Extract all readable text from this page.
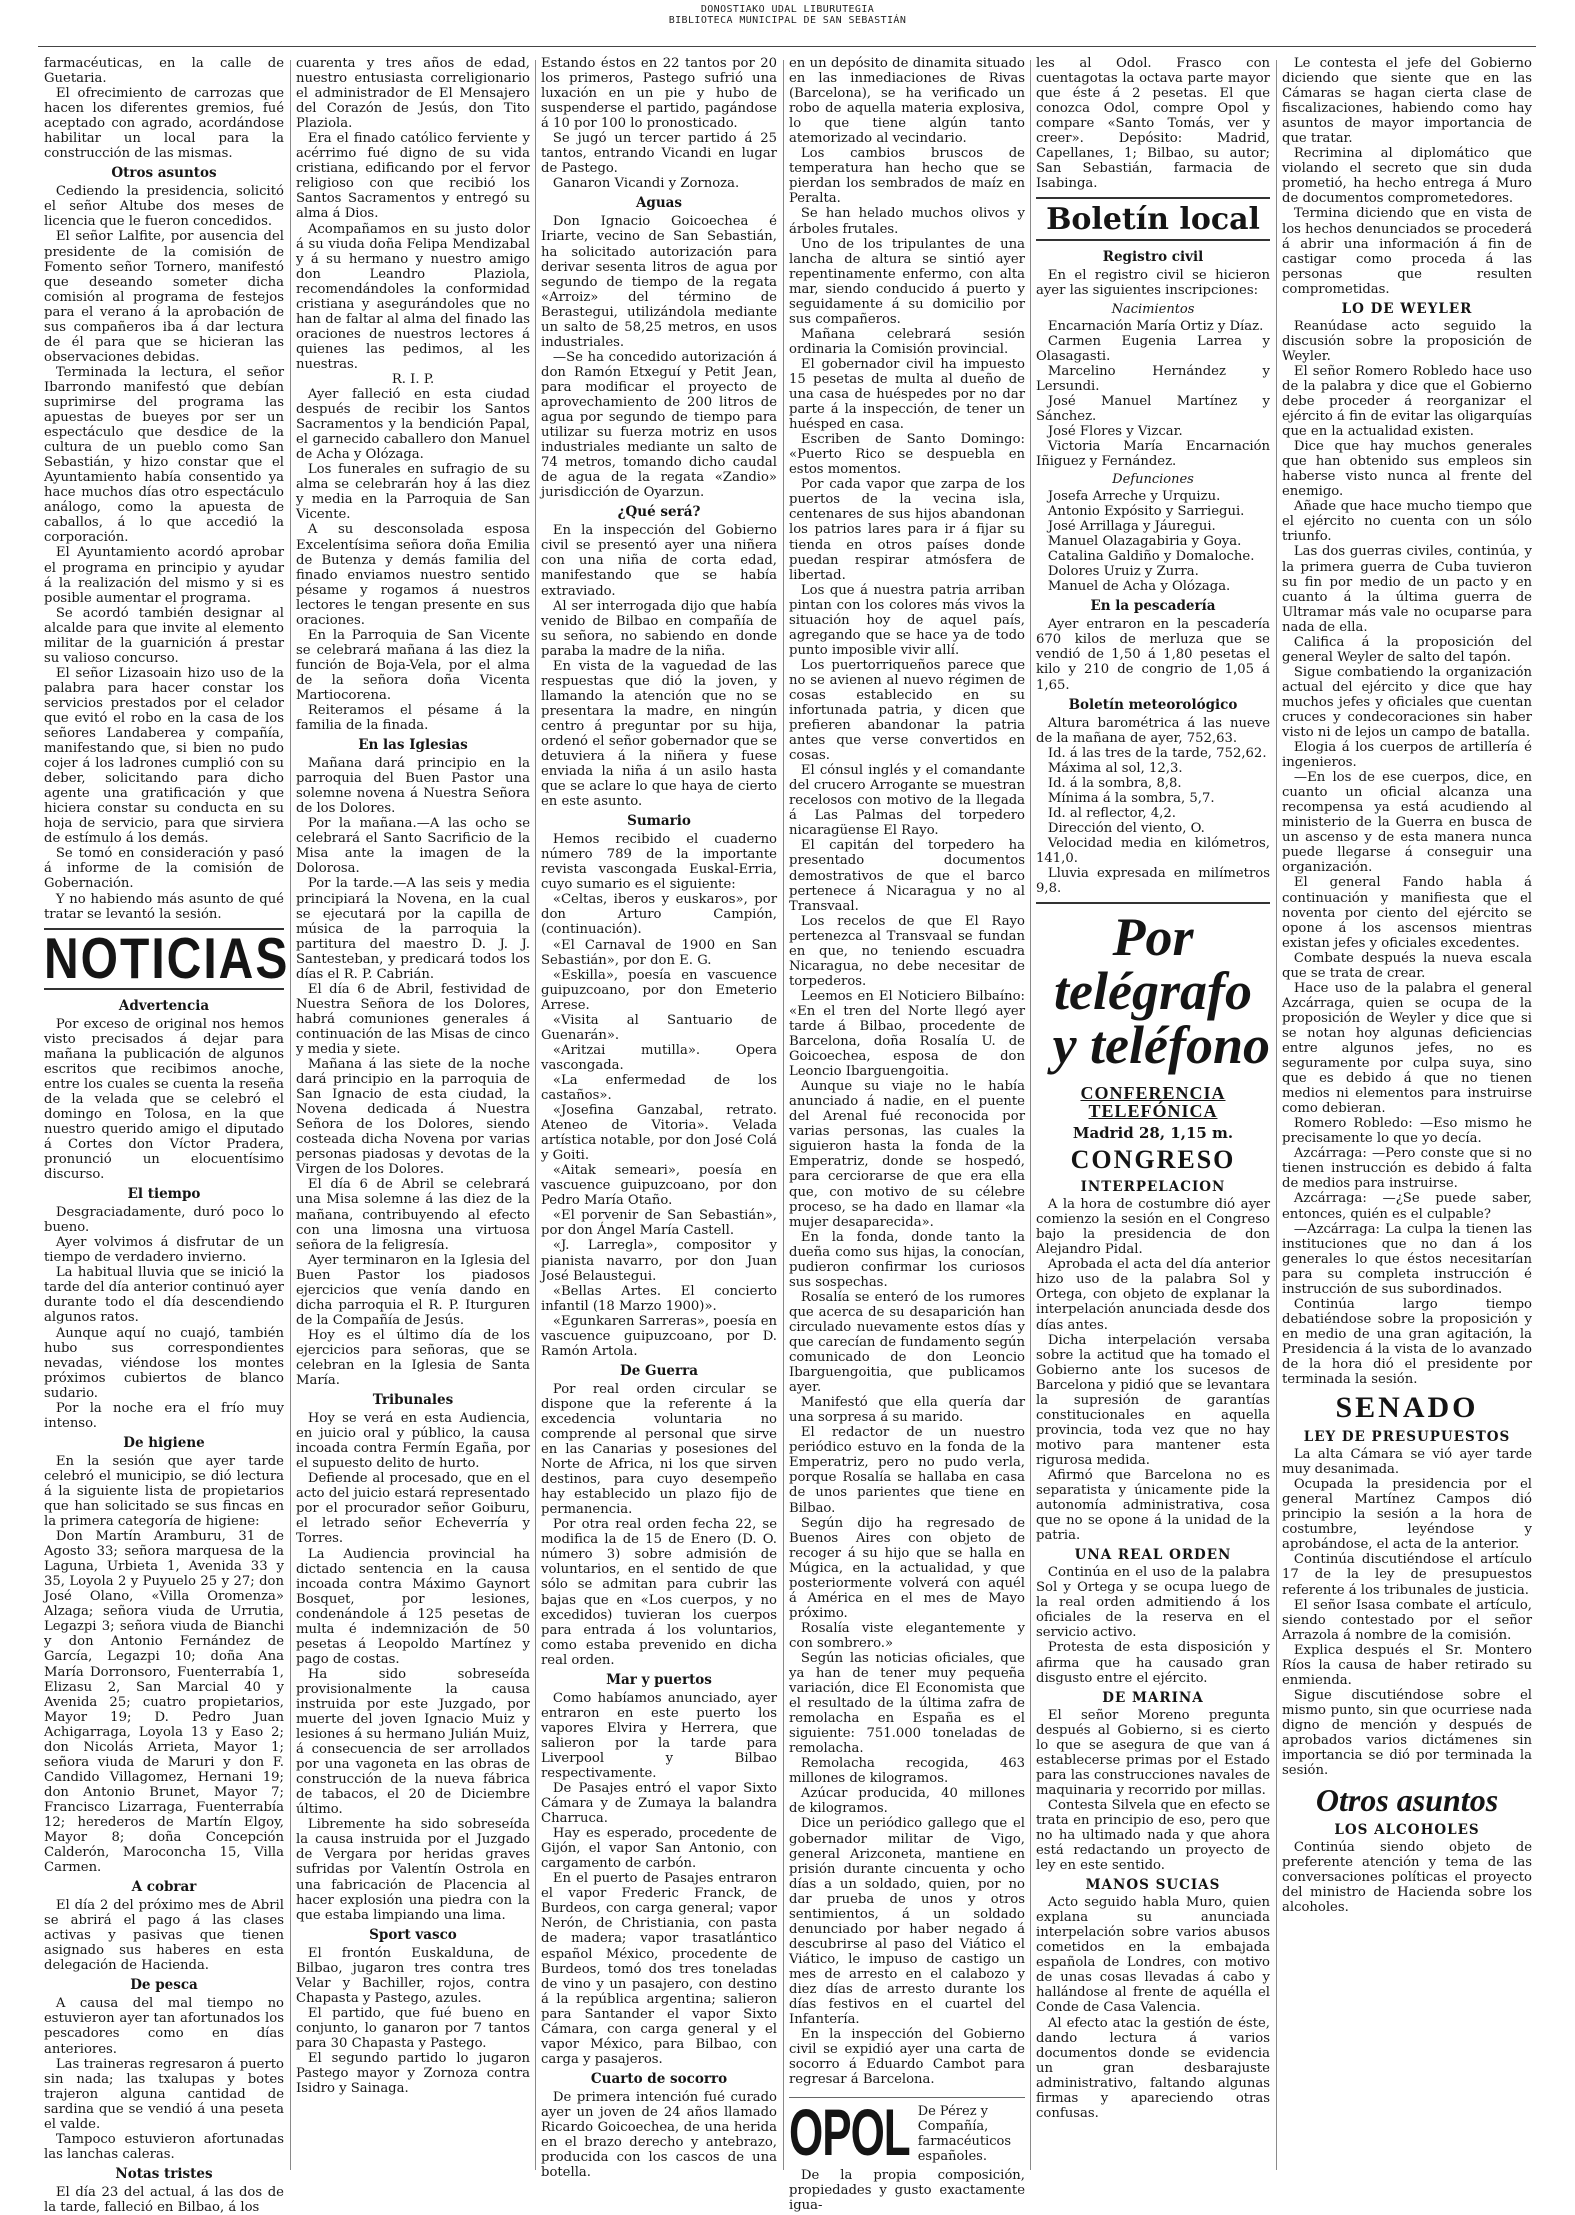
DONOSTIAKO UDAL LIBURUTEGIA
BIBLIOTECA MUNICIPAL DE SAN SEBASTIÁN

farmacéuticas, en la calle de Guetaria.

El ofrecimiento de carrozas que hacen los diferentes gremios, fué aceptado con agrado, acordándose habilitar un local para la construcción de las mismas.

Otros asuntos

Cediendo la presidencia, solicitó el señor Altube dos meses de licencia que le fueron concedidos.

El señor Lalfite, por ausencia del presidente de la comisión de Fomento señor Tornero, manifestó que deseando someter dicha comisión al programa de festejos para el verano á la aprobación de sus compañeros iba á dar lectura de él para que se hicieran las observaciones debidas.

Terminada la lectura, el señor Ibarrondo manifestó que debían suprimirse del programa las apuestas de bueyes por ser un espectáculo que desdice de la cultura de un pueblo como San Sebastián, y hizo constar que el Ayuntamiento había consentido ya hace muchos días otro espectáculo análogo, como la apuesta de caballos, á lo que accedió la corporación.

El Ayuntamiento acordó aprobar el programa en principio y ayudar á la realización del mismo y si es posible aumentar el programa.

Se acordó también designar al alcalde para que invite al elemento militar de la guarnición á prestar su valioso concurso.

El señor Lizasoain hizo uso de la palabra para hacer constar los servicios prestados por el celador que evitó el robo en la casa de los señores Landaberea y compañía, manifestando que, si bien no pudo cojer á los ladrones cumplió con su deber, solicitando para dicho agente una gratificación y que hiciera constar su conducta en su hoja de servicio, para que sirviera de estímulo á los demás.

Se tomó en consideración y pasó á informe de la comisión de Gobernación.

Y no habiendo más asunto de qué tratar se levantó la sesión.

NOTICIAS
Advertencia

Por exceso de original nos hemos visto precisados á dejar para mañana la publicación de algunos escritos que recibimos anoche, entre los cuales se cuenta la reseña de la velada que se celebró el domingo en Tolosa, en la que nuestro querido amigo el diputado á Cortes don Víctor Pradera, pronunció un elocuentísimo discurso.

El tiempo

Desgraciadamente, duró poco lo bueno.

Ayer volvimos á disfrutar de un tiempo de verdadero invierno.

La habitual lluvia que se inició la tarde del día anterior continuó ayer durante todo el día descendiendo algunos ratos.

Aunque aquí no cuajó, también hubo sus correspondientes nevadas, viéndose los montes próximos cubiertos de blanco sudario.

Por la noche era el frío muy intenso.

De higiene

En la sesión que ayer tarde celebró el municipio, se dió lectura á la siguiente lista de propietarios que han solicitado se sus fincas en la primera categoría de higiene:

Don Martín Aramburu, 31 de Agosto 33; señora marquesa de la Laguna, Urbieta 1, Avenida 33 y 35, Loyola 2 y Puyuelo 25 y 27; don José Olano, «Villa Oromenza» Alzaga; señora viuda de Urrutia, Legazpi 3; señora viuda de Bianchi y don Antonio Fernández de García, Legazpi 10; doña Ana María Dorronsoro, Fuenterrabía 1, Elizasu 2, San Marcial 40 y Avenida 25; cuatro propietarios, Mayor 19; D. Pedro Juan Achigarraga, Loyola 13 y Easo 2; don Nicolás Arrieta, Mayor 1; señora viuda de Maruri y don F. Candido Villagomez, Hernani 19; don Antonio Brunet, Mayor 7; Francisco Lizarraga, Fuenterrabía 12; herederos de Martín Elgoy, Mayor 8; doña Concepción Calderón, Maroconcha 15, Villa Carmen.

A cobrar

El día 2 del próximo mes de Abril se abrirá el pago á las clases activas y pasivas que tienen asignado sus haberes en esta delegación de Hacienda.

De pesca

A causa del mal tiempo no estuvieron ayer tan afortunados los pescadores como en días anteriores.

Las traineras regresaron á puerto sin nada; las txalupas y botes trajeron alguna cantidad de sardina que se vendió á una peseta el valde.

Tampoco estuvieron afortunadas las lanchas caleras.

Notas tristes

El día 23 del actual, á las dos de la tarde, falleció en Bilbao, á los

cuarenta y tres años de edad, nuestro entusiasta correligionario el administrador de El Mensajero del Corazón de Jesús, don Tito Plaziola.

Era el finado católico ferviente y acérrimo fué digno de su vida cristiana, edificando por el fervor religioso con que recibió los Santos Sacramentos y entregó su alma á Dios.

Acompañamos en su justo dolor á su viuda doña Felipa Mendizabal y á su hermano y nuestro amigo don Leandro Plaziola, recomendándoles la conformidad cristiana y asegurándoles que no han de faltar al alma del finado las oraciones de nuestros lectores á quienes las pedimos, al les nuestras.

R. I. P.

Ayer falleció en esta ciudad después de recibir los Santos Sacramentos y la bendición Papal, el garnecido caballero don Manuel de Acha y Olózaga.

Los funerales en sufragio de su alma se celebrarán hoy á las diez y media en la Parroquia de San Vicente.

A su desconsolada esposa Excelentísima señora doña Emilia de Butenza y demás familia del finado enviamos nuestro sentido pésame y rogamos á nuestros lectores le tengan presente en sus oraciones.

En la Parroquia de San Vicente se celebrará mañana á las diez la función de Boja-Vela, por el alma de la señora doña Vicenta Martiocorena.

Reiteramos el pésame á la familia de la finada.

En las Iglesias

Mañana dará principio en la parroquia del Buen Pastor una solemne novena á Nuestra Señora de los Dolores.

Por la mañana.—A las ocho se celebrará el Santo Sacrificio de la Misa ante la imagen de la Dolorosa.

Por la tarde.—A las seis y media principiará la Novena, en la cual se ejecutará por la capilla de música de la parroquia la partitura del maestro D. J. J. Santesteban, y predicará todos los días el R. P. Cabrián.

El día 6 de Abril, festividad de Nuestra Señora de los Dolores, habrá comuniones generales á continuación de las Misas de cinco y media y siete.

Mañana á las siete de la noche dará principio en la parroquia de San Ignacio de esta ciudad, la Novena dedicada á Nuestra Señora de los Dolores, siendo costeada dicha Novena por varias personas piadosas y devotas de la Virgen de los Dolores.

El día 6 de Abril se celebrará una Misa solemne á las diez de la mañana, contribuyendo al efecto con una limosna una virtuosa señora de la feligresía.

Ayer terminaron en la Iglesia del Buen Pastor los piadosos ejercicios que venía dando en dicha parroquia el R. P. Iturguren de la Compañía de Jesús.

Hoy es el último día de los ejercicios para señoras, que se celebran en la Iglesia de Santa María.

Tribunales

Hoy se verá en esta Audiencia, en juicio oral y público, la causa incoada contra Fermín Egaña, por el supuesto delito de hurto.

Defiende al procesado, que en el acto del juicio estará representado por el procurador señor Goiburu, el letrado señor Echeverría y Torres.

La Audiencia provincial ha dictado sentencia en la causa incoada contra Máximo Gaynort Bosquet, por lesiones, condenándole á 125 pesetas de multa é indemnización de 50 pesetas á Leopoldo Martínez y pago de costas.

Ha sido sobreseída provisionalmente la causa instruida por este Juzgado, por muerte del joven Ignacio Muiz y lesiones á su hermano Julián Muiz, á consecuencia de ser arrollados por una vagoneta en las obras de construcción de la nueva fábrica de tabacos, el 20 de Diciembre último.

Libremente ha sido sobreseída la causa instruida por el Juzgado de Vergara por heridas graves sufridas por Valentín Ostrola en una fabricación de Placencia al hacer explosión una piedra con la que estaba limpiando una lima.

Sport vasco

El frontón Euskalduna, de Bilbao, jugaron tres contra tres Velar y Bachiller, rojos, contra Chapasta y Pastego, azules.

El partido, que fué bueno en conjunto, lo ganaron por 7 tantos para 30 Chapasta y Pastego.

El segundo partido lo jugaron Pastego mayor y Zornoza contra Isidro y Sainaga.

Estando éstos en 22 tantos por 20 los primeros, Pastego sufrió una luxación en un pie y hubo de suspenderse el partido, pagándose á 10 por 100 lo pronosticado.

Se jugó un tercer partido á 25 tantos, entrando Vicandi en lugar de Pastego.

Ganaron Vicandi y Zornoza.

Aguas

Don Ignacio Goicoechea é Iriarte, vecino de San Sebastián, ha solicitado autorización para derivar sesenta litros de agua por segundo de tiempo de la regata «Arroiz» del término de Berastegui, utilizándola mediante un salto de 58,25 metros, en usos industriales.

—Se ha concedido autorización á don Ramón Etxeguí y Petit Jean, para modificar el proyecto de aprovechamiento de 200 litros de agua por segundo de tiempo para utilizar su fuerza motriz en usos industriales mediante un salto de 74 metros, tomando dicho caudal de agua de la regata «Zandio» jurisdicción de Oyarzun.

¿Qué será?

En la inspección del Gobierno civil se presentó ayer una niñera con una niña de corta edad, manifestando que se había extraviado.

Al ser interrogada dijo que había venido de Bilbao en compañía de su señora, no sabiendo en donde paraba la madre de la niña.

En vista de la vaguedad de las respuestas que dió la joven, y llamando la atención que no se presentara la madre, en ningún centro á preguntar por su hija, ordenó el señor gobernador que se detuviera á la niñera y fuese enviada la niña á un asilo hasta que se aclare lo que haya de cierto en este asunto.

Sumario

Hemos recibido el cuaderno número 789 de la importante revista vascongada Euskal-Erria, cuyo sumario es el siguiente:

«Celtas, iberos y euskaros», por don Arturo Campión, (continuación).

«El Carnaval de 1900 en San Sebastián», por don E. G.

«Eskilla», poesía en vascuence guipuzcoano, por don Emeterio Arrese.

«Visita al Santuario de Guenarán».

«Aritzai mutilla». Opera vascongada.

«La enfermedad de los castaños».

«Josefina Ganzabal, retrato. Ateneo de Vitoria». Velada artística notable, por don José Colá y Goiti.

«Aitak semeari», poesía en vascuence guipuzcoano, por don Pedro María Otaño.

«El porvenir de San Sebastián», por don Ángel María Castell.

«J. Larregla», compositor y pianista navarro, por don Juan José Belaustegui.

«Bellas Artes. El concierto infantil (18 Marzo 1900)».

«Egunkaren Sarreras», poesía en vascuence guipuzcoano, por D. Ramón Artola.

De Guerra

Por real orden circular se dispone que la referente á la excedencia voluntaria no comprende al personal que sirve en las Canarias y posesiones del Norte de Africa, ni los que sirven destinos, para cuyo desempeño hay establecido un plazo fijo de permanencia.

Por otra real orden fecha 22, se modifica la de 15 de Enero (D. O. número 3) sobre admisión de voluntarios, en el sentido de que sólo se admitan para cubrir las bajas que en «Los cuerpos, y no excedidos) tuvieran los cuerpos para entrada á los voluntarios, como estaba prevenido en dicha real orden.

Mar y puertos

Como habíamos anunciado, ayer entraron en este puerto los vapores Elvira y Herrera, que salieron por la tarde para Liverpool y Bilbao respectivamente.

De Pasajes entró el vapor Sixto Cámara y de Zumaya la balandra Charruca.

Hay es esperado, procedente de Gijón, el vapor San Antonio, con cargamento de carbón.

En el puerto de Pasajes entraron el vapor Frederic Franck, de Burdeos, con carga general; vapor Nerón, de Christiania, con pasta de madera; vapor trasatlántico español México, procedente de Burdeos, tomó dos tres toneladas de vino y un pasajero, con destino á la república argentina; salieron para Santander el vapor Sixto Cámara, con carga general y el vapor México, para Bilbao, con carga y pasajeros.

Cuarto de socorro

De primera intención fué curado ayer un joven de 24 años llamado Ricardo Goicoechea, de una herida en el brazo derecho y antebrazo, producida con los cascos de una botella.

en un depósito de dinamita situado en las inmediaciones de Rivas (Barcelona), se ha verificado un robo de aquella materia explosiva, lo que tiene algún tanto atemorizado al vecindario.

Los cambios bruscos de temperatura han hecho que se pierdan los sembrados de maíz en Peralta.

Se han helado muchos olivos y árboles frutales.

Uno de los tripulantes de una lancha de altura se sintió ayer repentinamente enfermo, con alta mar, siendo conducido á puerto y seguidamente á su domicilio por sus compañeros.

Mañana celebrará sesión ordinaria la Comisión provincial.

El gobernador civil ha impuesto 15 pesetas de multa al dueño de una casa de huéspedes por no dar parte á la inspección, de tener un huésped en casa.

Escriben de Santo Domingo: «Puerto Rico se despuebla en estos momentos.

Por cada vapor que zarpa de los puertos de la vecina isla, centenares de sus hijos abandonan los patrios lares para ir á fijar su tienda en otros países donde puedan respirar atmósfera de libertad.

Los que á nuestra patria arriban pintan con los colores más vivos la situación hoy de aquel país, agregando que se hace ya de todo punto imposible vivir allí.

Los puertorriqueños parece que no se avienen al nuevo régimen de cosas establecido en su infortunada patria, y dicen que prefieren abandonar la patria antes que verse convertidos en cosas.

El cónsul inglés y el comandante del crucero Arrogante se muestran recelosos con motivo de la llegada á Las Palmas del torpedero nicaragüense El Rayo.

El capitán del torpedero ha presentado documentos demostrativos de que el barco pertenece á Nicaragua y no al Transvaal.

Los recelos de que El Rayo pertenezca al Transvaal se fundan en que, no teniendo escuadra Nicaragua, no debe necesitar de torpederos.

Leemos en El Noticiero Bilbaíno: «En el tren del Norte llegó ayer tarde á Bilbao, procedente de Barcelona, doña Rosalía U. de Goicoechea, esposa de don Leoncio Ibarguengoitia.

Aunque su viaje no le había anunciado á nadie, en el puente del Arenal fué reconocida por varias personas, las cuales la siguieron hasta la fonda de la Emperatriz, donde se hospedó, para cerciorarse de que era ella que, con motivo de su célebre proceso, se ha dado en llamar «la mujer desaparecida».

En la fonda, donde tanto la dueña como sus hijas, la conocían, pudieron confirmar los curiosos sus sospechas.

Rosalía se enteró de los rumores que acerca de su desaparición han circulado nuevamente estos días y que carecían de fundamento según comunicado de don Leoncio Ibarguengoitia, que publicamos ayer.

Manifestó que ella quería dar una sorpresa á su marido.

El redactor de un nuestro periódico estuvo en la fonda de la Emperatriz, pero no pudo verla, porque Rosalía se hallaba en casa de unos parientes que tiene en Bilbao.

Según dijo ha regresado de Buenos Aires con objeto de recoger á su hijo que se halla en Múgica, en la actualidad, y que posteriormente volverá con aquél á América en el mes de Mayo próximo.

Rosalía viste elegantemente y con sombrero.»

Según las noticias oficiales, que ya han de tener muy pequeña variación, dice El Economista que el resultado de la última zafra de remolacha en España es el siguiente: 751.000 toneladas de remolacha.

Remolacha recogida, 463 millones de kilogramos.

Azúcar producida, 40 millones de kilogramos.

Dice un periódico gallego que el gobernador militar de Vigo, general Arizconeta, mantiene en prisión durante cincuenta y ocho días a un soldado, quien, por no dar prueba de unos y otros sentimientos, á un soldado denunciado por haber negado á descubrirse al paso del Viático el Viático, le impuso de castigo un mes de arresto en el calabozo y diez días de arresto durante los días festivos en el cuartel del Infantería.

En la inspección del Gobierno civil se expidió ayer una carta de socorro á Eduardo Cambot para regresar á Barcelona.

OPOL De Pérez y Compañía, farmacéuticos españoles.

De la propia composición, propiedades y gusto exactamente igua-

les al Odol. Frasco con cuentagotas la octava parte mayor que éste á 2 pesetas. El que conozca Odol, compre Opol y compare «Santo Tomás, ver y creer». Depósito: Madrid, Capellanes, 1; Bilbao, su autor; San Sebastián, farmacia de Isabinga.

Boletín local
Registro civil

En el registro civil se hicieron ayer las siguientes inscripciones:

Nacimientos

Encarnación María Ortiz y Díaz.

Carmen Eugenia Larrea y Olasagasti.

Marcelino Hernández y Lersundi.

José Manuel Martínez y Sánchez.

José Flores y Vizcar.

Victoria María Encarnación Iñiguez y Fernández.

Defunciones

Josefa Arreche y Urquizu.

Antonio Expósito y Sarriegui.

José Arrillaga y Jáuregui.

Manuel Olazagabiria y Goya.

Catalina Galdiño y Domaloche.

Dolores Uruiz y Zurra.

Manuel de Acha y Olózaga.

En la pescadería

Ayer entraron en la pescadería 670 kilos de merluza que se vendió de 1,50 á 1,80 pesetas el kilo y 210 de congrio de 1,05 á 1,65.

Boletín meteorológico

Altura barométrica á las nueve de la mañana de ayer, 752,63.

Id. á las tres de la tarde, 752,62.

Máxima al sol, 12,3.

Id. á la sombra, 8,8.

Mínima á la sombra, 5,7.

Id. al reflector, 4,2.

Dirección del viento, O.

Velocidad media en kilómetros, 141,0.

Lluvia expresada en milímetros 9,8.

Por telégrafo
y teléfono
CONFERENCIA TELEFÓNICA

Madrid 28, 1,15 m.

CONGRESO
INTERPELACION

A la hora de costumbre dió ayer comienzo la sesión en el Congreso bajo la presidencia de don Alejandro Pidal.

Aprobada el acta del día anterior hizo uso de la palabra Sol y Ortega, con objeto de explanar la interpelación anunciada desde dos días antes.

Dicha interpelación versaba sobre la actitud que ha tomado el Gobierno ante los sucesos de Barcelona y pidió que se levantara la supresión de garantías constitucionales en aquella provincia, toda vez que no hay motivo para mantener esta rigurosa medida.

Afirmó que Barcelona no es separatista y únicamente pide la autonomía administrativa, cosa que no se opone á la unidad de la patria.

UNA REAL ORDEN

Continúa en el uso de la palabra Sol y Ortega y se ocupa luego de la real orden admitiendo á los oficiales de la reserva en el servicio activo.

Protesta de esta disposición y afirma que ha causado gran disgusto entre el ejército.

DE MARINA

El señor Moreno pregunta después al Gobierno, si es cierto lo que se asegura de que van á establecerse primas por el Estado para las construcciones navales de maquinaria y recorrido por millas.

Contesta Silvela que en efecto se trata en principio de eso, pero que no ha ultimado nada y que ahora está redactando un proyecto de ley en este sentido.

MANOS SUCIAS

Acto seguido habla Muro, quien explana su anunciada interpelación sobre varios abusos cometidos en la embajada española de Londres, con motivo de unas cosas llevadas á cabo y hallándose al frente de aquélla el Conde de Casa Valencia.

Al efecto atac la gestión de éste, dando lectura á varios documentos donde se evidencia un gran desbarajuste administrativo, faltando algunas firmas y apareciendo otras confusas.

Le contesta el jefe del Gobierno diciendo que siente que en las Cámaras se hagan cierta clase de fiscalizaciones, habiendo como hay asuntos de mayor importancia de que tratar.

Recrimina al diplomático que violando el secreto que sin duda prometió, ha hecho entrega á Muro de documentos comprometedores.

Termina diciendo que en vista de los hechos denunciados se procederá á abrir una información á fin de castigar como proceda á las personas que resulten comprometidas.

LO DE WEYLER

Reanúdase acto seguido la discusión sobre la proposición de Weyler.

El señor Romero Robledo hace uso de la palabra y dice que el Gobierno debe proceder á reorganizar el ejército á fin de evitar las oligarquías que en la actualidad existen.

Dice que hay muchos generales que han obtenido sus empleos sin haberse visto nunca al frente del enemigo.

Añade que hace mucho tiempo que el ejército no cuenta con un sólo triunfo.

Las dos guerras civiles, continúa, y la primera guerra de Cuba tuvieron su fin por medio de un pacto y en cuanto á la última guerra de Ultramar más vale no ocuparse para nada de ella.

Califica á la proposición del general Weyler de salto del tapón.

Sigue combatiendo la organización actual del ejército y dice que hay muchos jefes y oficiales que cuentan cruces y condecoraciones sin haber visto ni de lejos un campo de batalla.

Elogia á los cuerpos de artillería é ingenieros.

—En los de ese cuerpos, dice, en cuanto un oficial alcanza una recompensa ya está acudiendo al ministerio de la Guerra en busca de un ascenso y de esta manera nunca puede llegarse á conseguir una organización.

El general Fando habla á continuación y manifiesta que el noventa por ciento del ejército se opone á los ascensos mientras existan jefes y oficiales excedentes.

Combate después la nueva escala que se trata de crear.

Hace uso de la palabra el general Azcárraga, quien se ocupa de la proposición de Weyler y dice que si se notan hoy algunas deficiencias entre algunos jefes, no es seguramente por culpa suya, sino que es debido á que no tienen medios ni elementos para instruirse como debieran.

Romero Robledo: —Eso mismo he precisamente lo que yo decía.

Azcárraga: —Pero conste que si no tienen instrucción es debido á falta de medios para instruirse.

Azcárraga: —¿Se puede saber, entonces, quién es el culpable?

—Azcárraga: La culpa la tienen las instituciones que no dan á los generales lo que éstos necesitarían para su completa instrucción é instrucción de sus subordinados.

Continúa largo tiempo debatiéndose sobre la proposición y en medio de una gran agitación, la Presidencia á la vista de lo avanzado de la hora dió el presidente por terminada la sesión.

SENADO
LEY DE PRESUPUESTOS

La alta Cámara se vió ayer tarde muy desanimada.

Ocupada la presidencia por el general Martínez Campos dió principio la sesión a la hora de costumbre, leyéndose y aprobándose, el acta de la anterior.

Continúa discutiéndose el artículo 17 de la ley de presupuestos referente á los tribunales de justicia.

El señor Isasa combate el artículo, siendo contestado por el señor Arrazola á nombre de la comisión.

Explica después el Sr. Montero Ríos la causa de haber retirado su enmienda.

Sigue discutiéndose sobre el mismo punto, sin que ocurriese nada digno de mención y después de aprobados varios dictámenes sin importancia se dió por terminada la sesión.

Otros asuntos
LOS ALCOHOLES

Continúa siendo objeto de preferente atención y tema de las conversaciones políticas el proyecto del ministro de Hacienda sobre los alcoholes.
